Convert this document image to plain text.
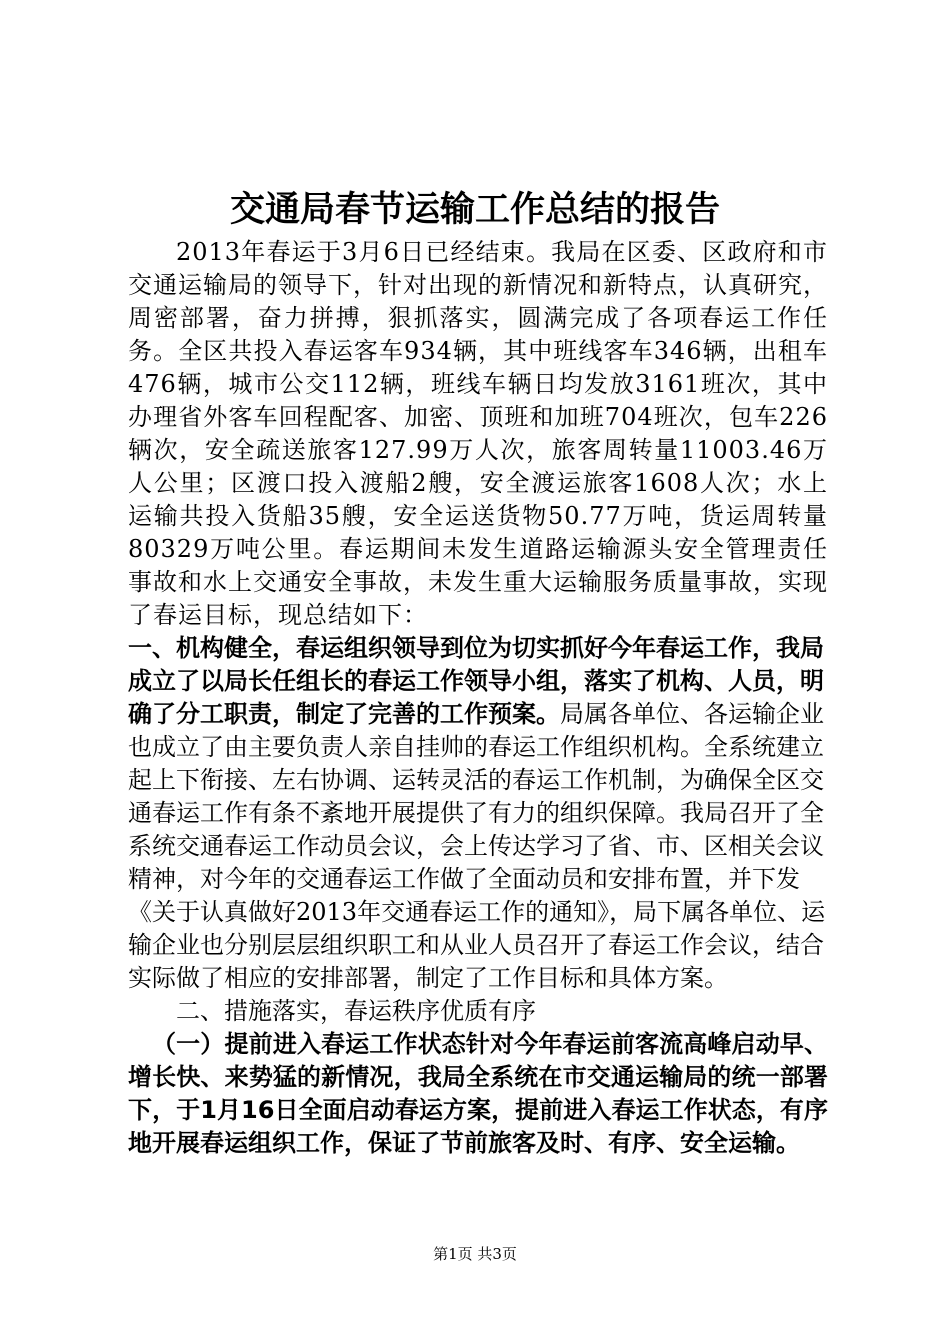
交通局春节运输工作总结的报告

2013年春运于3月6日已经结束。我局在区委、区政府和市交通运输局的领导下，针对出现的新情况和新特点，认真研究，周密部署，奋力拼搏，狠抓落实，圆满完成了各项春运工作任务。全区共投入春运客车934辆，其中班线客车346辆，出租车476辆，城市公交112辆，班线车辆日均发放3161班次，其中办理省外客车回程配客、加密、顶班和加班704班次，包车226辆次，安全疏送旅客127.99万人次，旅客周转量11003.46万人公里；区渡口投入渡船2艘，安全渡运旅客1608人次；水上运输共投入货船35艘，安全运送货物50.77万吨，货运周转量80329万吨公里。春运期间未发生道路运输源头安全管理责任事故和水上交通安全事故，未发生重大运输服务质量事故，实现了春运目标，现总结如下：

一、机构健全，春运组织领导到位为切实抓好今年春运工作，我局成立了以局长任组长的春运工作领导小组，落实了机构、人员，明确了分工职责，制定了完善的工作预案。

局属各单位、各运输企业也成立了由主要负责人亲自挂帅的春运工作组织机构。全系统建立起上下衔接、左右协调、运转灵活的春运工作机制，为确保全区交通春运工作有条不紊地开展提供了有力的组织保障。我局召开了全系统交通春运工作动员会议，会上传达学习了省、市、区相关会议精神，对今年的交通春运工作做了全面动员和安排布置，并下发《关于认真做好2013年交通春运工作的通知》，局下属各单位、运输企业也分别层层组织职工和从业人员召开了春运工作会议，结合实际做了相应的安排部署，制定了工作目标和具体方案。

二、措施落实，春运秩序优质有序

（一）提前进入春运工作状态针对今年春运前客流高峰启动早、增长快、来势猛的新情况，我局全系统在市交通运输局的统一部署下，于1月16日全面启动春运方案，提前进入春运工作状态，有序地开展春运组织工作，保证了节前旅客及时、有序、安全运输。

第1页 共3页
